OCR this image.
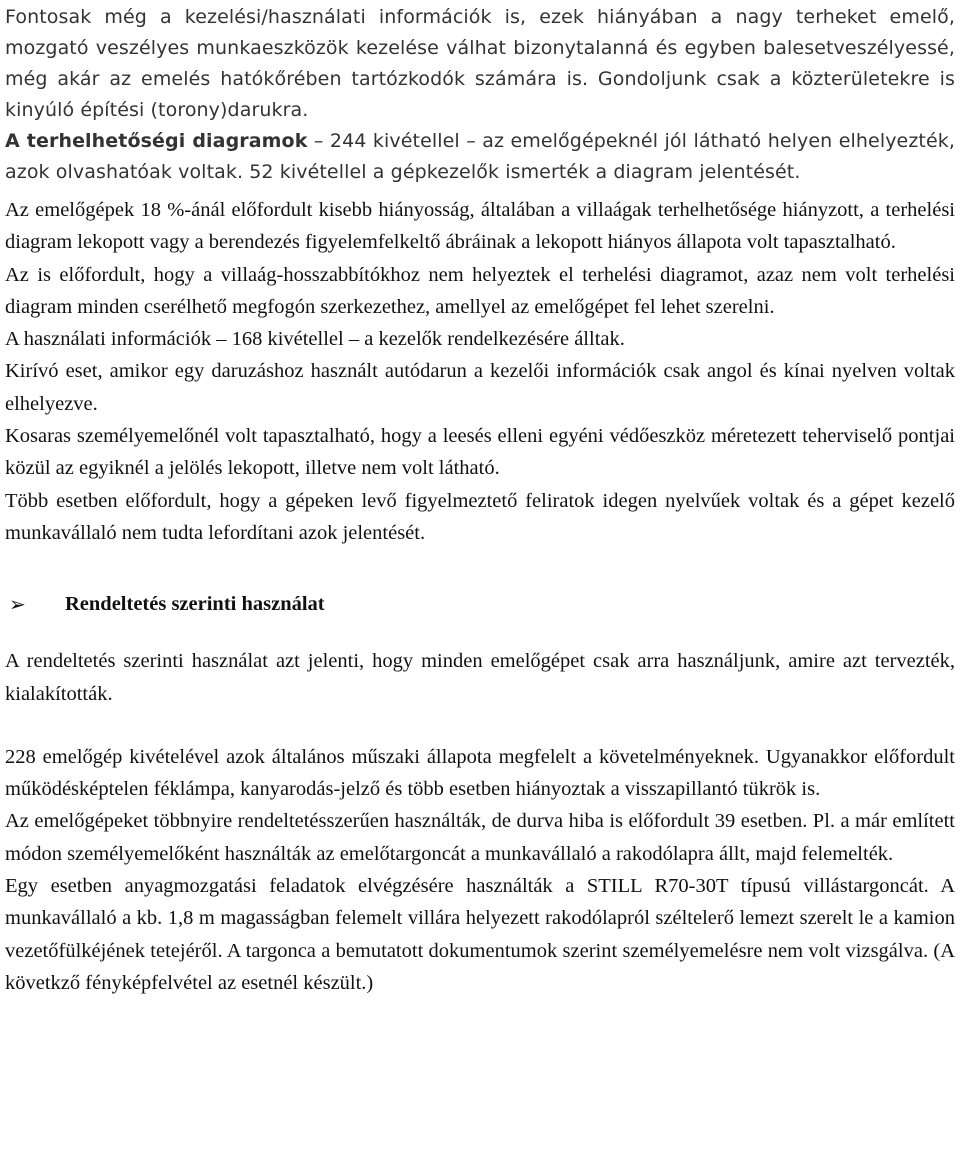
Fontosak még a kezelési/használati információk is, ezek hiányában a nagy terheket emelő, mozgató veszélyes munkaeszközök kezelése válhat bizonytalanná és egyben balesetveszélyessé, még akár az emelés hatókőrében tartózkodók számára is. Gondoljunk csak a közterületekre is kinyúló építési (torony)darukra.

A terhelhetőségi diagramok – 244 kivétellel – az emelőgépeknél jól látható helyen elhelyezték, azok olvashatóak voltak. 52 kivétellel a gépkezelők ismerték a diagram jelentését.

Az emelőgépek 18 %-ánál előfordult kisebb hiányosság, általában a villaágak terhelhetősége hiányzott, a terhelési diagram lekopott vagy a berendezés figyelemfelkeltő ábráinak a lekopott hiányos állapota volt tapasztalható.

Az is előfordult, hogy a villaág-hosszabbítókhoz nem helyeztek el terhelési diagramot, azaz nem volt terhelési diagram minden cserélhető megfogón szerkezethez, amellyel az emelőgépet fel lehet szerelni.

A használati információk – 168 kivétellel – a kezelők rendelkezésére álltak.

Kirívó eset, amikor egy daruzáshoz használt autódarun a kezelői információk csak angol és kínai nyelven voltak elhelyezve.

Kosaras személyemelőnél volt tapasztalható, hogy a leesés elleni egyéni védőeszköz méretezett teherviselő pontjai közül az egyiknél a jelölés lekopott, illetve nem volt látható.

Több esetben előfordult, hogy a gépeken levő figyelmeztető feliratok idegen nyelvűek voltak és a gépet kezelő munkavállaló nem tudta lefordítani azok jelentését.

➢	Rendeltetés szerinti használat

A rendeltetés szerinti használat azt jelenti, hogy minden emelőgépet csak arra használjunk, amire azt tervezték, kialakították.

228 emelőgép kivételével azok általános műszaki állapota megfelelt a követelményeknek. Ugyanakkor előfordult működésképtelen féklámpa, kanyarodás-jelző és több esetben hiányoztak a visszapillantó tükrök is.

Az emelőgépeket többnyire rendeltetésszerűen használták, de durva hiba is előfordult 39 esetben. Pl. a már említett módon személyemelőként használták az emelőtargoncát a munkavállaló a rakodólapra állt, majd felemelték.

Egy esetben anyagmozgatási feladatok elvégzésére használták a STILL R70-30T típusú villástargoncát. A munkavállaló a kb. 1,8 m magasságban felemelt villára helyezett rakodólapról széltelerő lemezt szerelt le a kamion vezetőfülkéjének tetejéről. A targonca a bemutatott dokumentumok szerint személyemelésre nem volt vizsgálva. (A követkző fényképfelvétel az esetnél készült.)
